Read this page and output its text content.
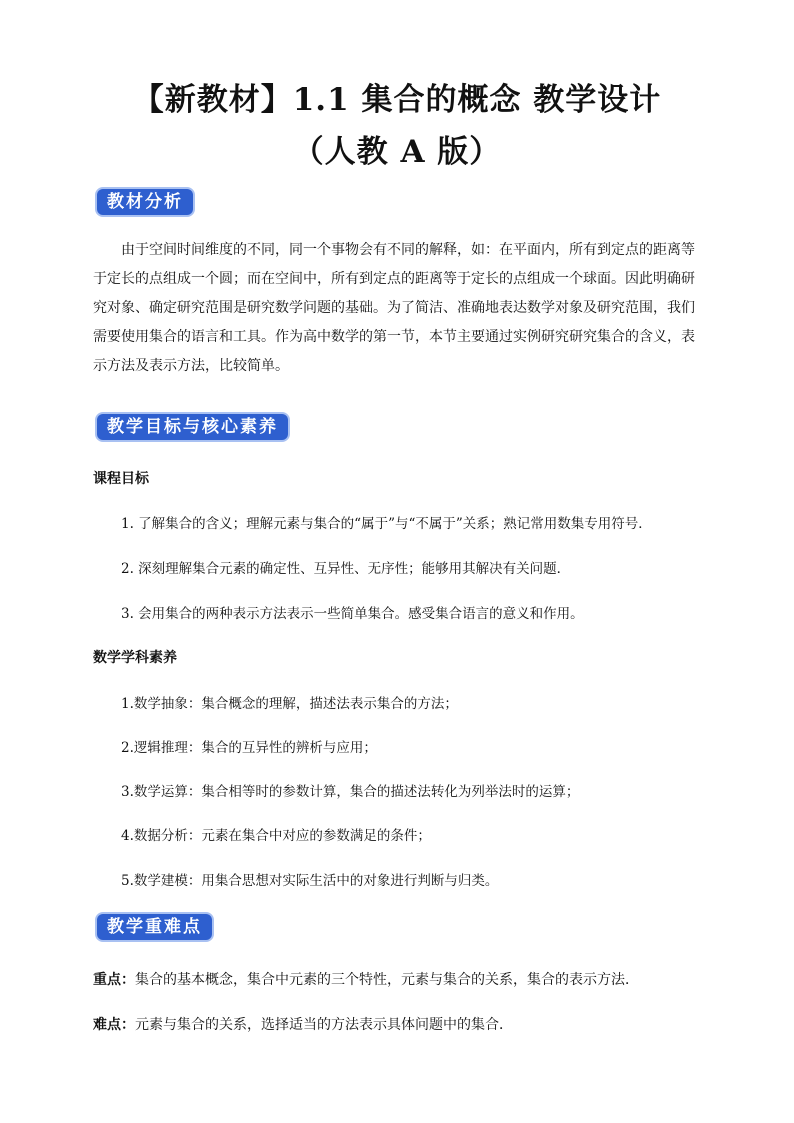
【新教材】1.1 集合的概念 教学设计
（人教 A 版）
教材分析
由于空间时间维度的不同，同一个事物会有不同的解释，如：在平面内，所有到定点的距离等于定长的点组成一个圆；而在空间中，所有到定点的距离等于定长的点组成一个球面。因此明确研究对象、确定研究范围是研究数学问题的基础。为了简洁、准确地表达数学对象及研究范围，我们需要使用集合的语言和工具。作为高中数学的第一节，本节主要通过实例研究研究集合的含义，表示方法及表示方法，比较简单。
教学目标与核心素养
课程目标
1. 了解集合的含义；理解元素与集合的“属于”与“不属于”关系；熟记常用数集专用符号．
2. 深刻理解集合元素的确定性、互异性、无序性；能够用其解决有关问题．
3. 会用集合的两种表示方法表示一些简单集合。感受集合语言的意义和作用。
数学学科素养
1.数学抽象：集合概念的理解，描述法表示集合的方法；
2.逻辑推理：集合的互异性的辨析与应用；
3.数学运算：集合相等时的参数计算，集合的描述法转化为列举法时的运算；
4.数据分析：元素在集合中对应的参数满足的条件；
5.数学建模：用集合思想对实际生活中的对象进行判断与归类。
教学重难点
重点：集合的基本概念，集合中元素的三个特性，元素与集合的关系，集合的表示方法．
难点：元素与集合的关系，选择适当的方法表示具体问题中的集合．
